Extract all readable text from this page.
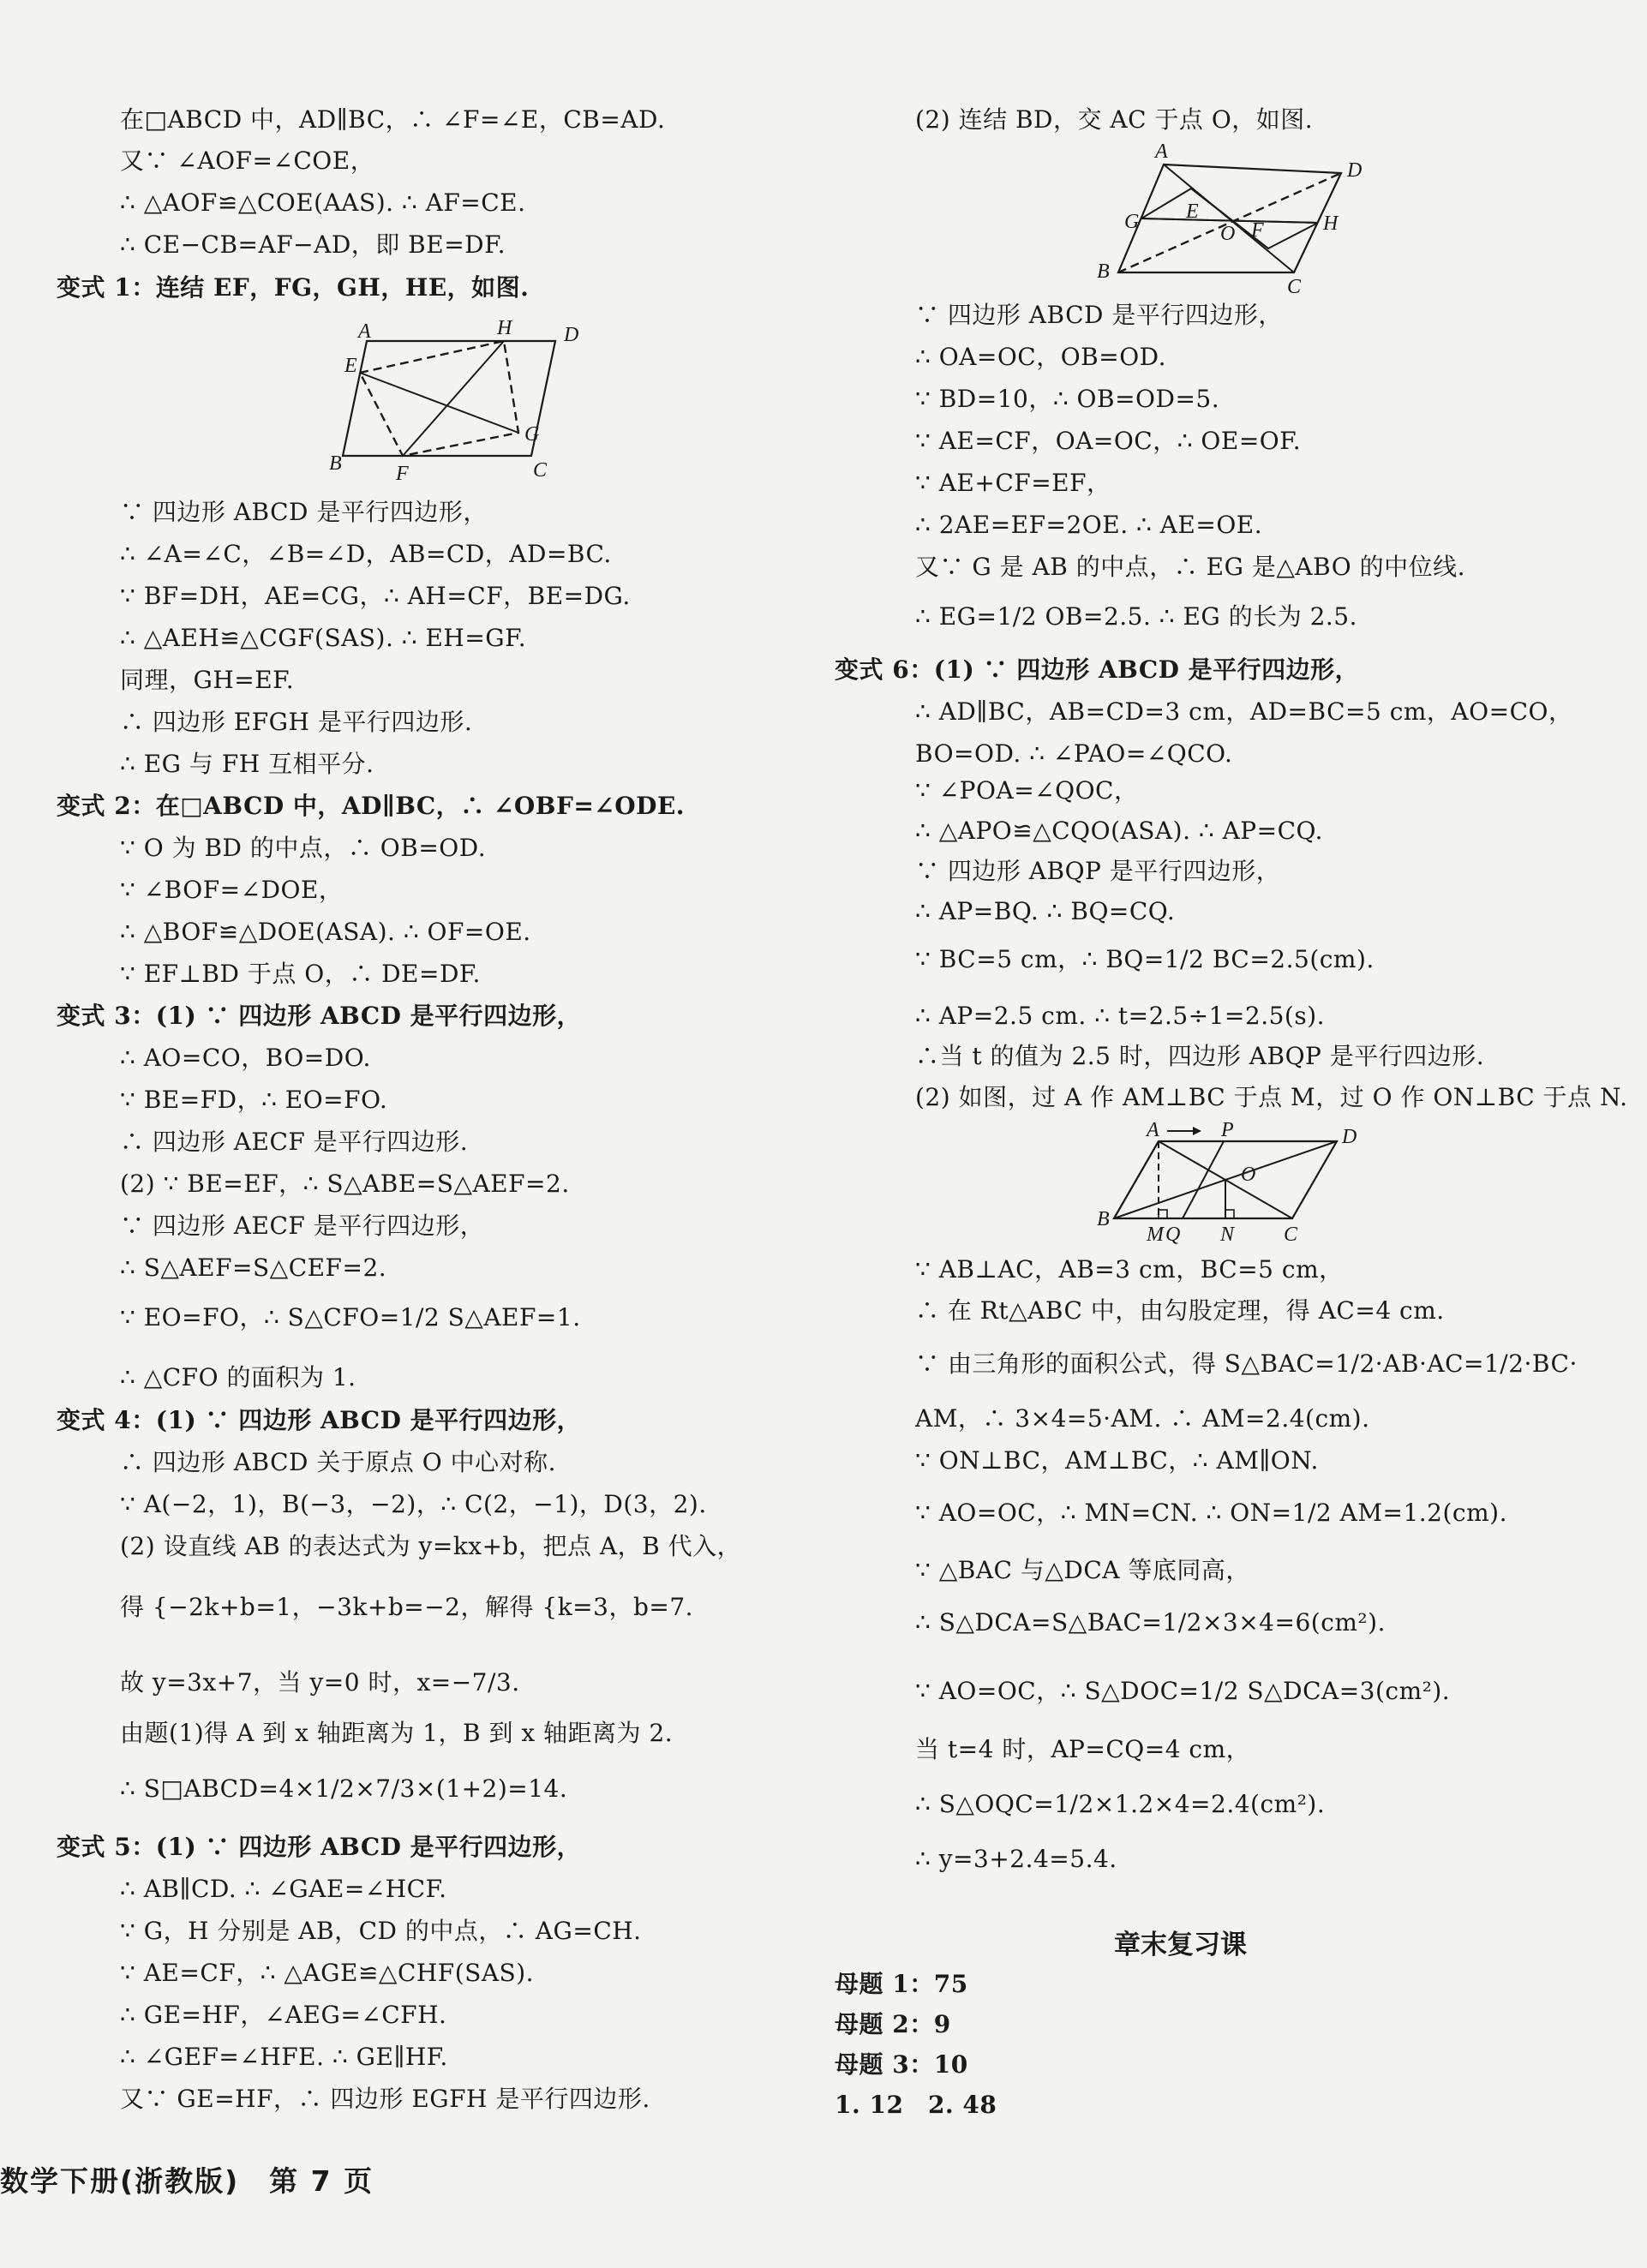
在□ABCD 中，AD∥BC，∴ ∠F=∠E，CB=AD.
又∵ ∠AOF=∠COE，
∴ △AOF≌△COE(AAS). ∴ AF=CE.
∴ CE−CB=AF−AD，即 BE=DF.
变式 1：连结 EF，FG，GH，HE，如图.
A	H	D
E
G
B	F	C
∵ 四边形 ABCD 是平行四边形，
∴ ∠A=∠C，∠B=∠D，AB=CD，AD=BC.
∵ BF=DH，AE=CG，∴ AH=CF，BE=DG.
∴ △AEH≌△CGF(SAS). ∴ EH=GF.
同理，GH=EF.
∴ 四边形 EFGH 是平行四边形.
∴ EG 与 FH 互相平分.
变式 2：在□ABCD 中，AD∥BC，∴ ∠OBF=∠ODE.
∵ O 为 BD 的中点，∴ OB=OD.
∵ ∠BOF=∠DOE，
∴ △BOF≌△DOE(ASA). ∴ OF=OE.
∵ EF⊥BD 于点 O，∴ DE=DF.
变式 3：(1) ∵ 四边形 ABCD 是平行四边形，
∴ AO=CO，BO=DO.
∵ BE=FD，∴ EO=FO.
∴ 四边形 AECF 是平行四边形.
(2) ∵ BE=EF，∴ S△ABE=S△AEF=2.
∵ 四边形 AECF 是平行四边形，
∴ S△AEF=S△CEF=2.
∵ EO=FO，∴ S△CFO=1/2 S△AEF=1.
∴ △CFO 的面积为 1.
变式 4：(1) ∵ 四边形 ABCD 是平行四边形，
∴ 四边形 ABCD 关于原点 O 中心对称.
∵ A(−2，1)，B(−3，−2)，∴ C(2，−1)，D(3，2).
(2) 设直线 AB 的表达式为 y=kx+b，把点 A，B 代入，
得 {−2k+b=1，−3k+b=−2，解得 {k=3，b=7.
故 y=3x+7，当 y=0 时，x=−7/3.
由题(1)得 A 到 x 轴距离为 1，B 到 x 轴距离为 2.
∴ S□ABCD=4×1/2×7/3×(1+2)=14.
变式 5：(1) ∵ 四边形 ABCD 是平行四边形，
∴ AB∥CD. ∴ ∠GAE=∠HCF.
∵ G，H 分别是 AB，CD 的中点，∴ AG=CH.
∵ AE=CF，∴ △AGE≌△CHF(SAS).
∴ GE=HF，∠AEG=∠CFH.
∴ ∠GEF=∠HFE. ∴ GE∥HF.
又∵ GE=HF，∴ 四边形 EGFH 是平行四边形.
数学下册(浙教版)　第 7 页
(2) 连结 BD，交 AC 于点 O，如图.
A
D
G E
O F	H
B
C
∵ 四边形 ABCD 是平行四边形，
∴ OA=OC，OB=OD.
∵ BD=10，∴ OB=OD=5.
∵ AE=CF，OA=OC，∴ OE=OF.
∵ AE+CF=EF，
∴ 2AE=EF=2OE. ∴ AE=OE.
又∵ G 是 AB 的中点，∴ EG 是△ABO 的中位线.
∴ EG=1/2 OB=2.5. ∴ EG 的长为 2.5.
变式 6：(1) ∵ 四边形 ABCD 是平行四边形，
∴ AD∥BC，AB=CD=3 cm，AD=BC=5 cm，AO=CO，
BO=OD. ∴ ∠PAO=∠QCO.
∵ ∠POA=∠QOC，
∴ △APO≌△CQO(ASA). ∴ AP=CQ.
∵ 四边形 ABQP 是平行四边形，
∴ AP=BQ. ∴ BQ=CQ.
∵ BC=5 cm，∴ BQ=1/2 BC=2.5(cm).
∴ AP=2.5 cm. ∴ t=2.5÷1=2.5(s).
∴当 t 的值为 2.5 时，四边形 ABQP 是平行四边形.
(2) 如图，过 A 作 AM⊥BC 于点 M，过 O 作 ON⊥BC 于点 N.
A	P	D
O
B
M Q N C
∵ AB⊥AC，AB=3 cm，BC=5 cm，
∴ 在 Rt△ABC 中，由勾股定理，得 AC=4 cm.
∵ 由三角形的面积公式，得 S△BAC=1/2·AB·AC=1/2·BC·
AM，∴ 3×4=5·AM. ∴ AM=2.4(cm).
∵ ON⊥BC，AM⊥BC，∴ AM∥ON.
∵ AO=OC，∴ MN=CN. ∴ ON=1/2 AM=1.2(cm).
∵ △BAC 与△DCA 等底同高，
∴ S△DCA=S△BAC=1/2×3×4=6(cm²).
∵ AO=OC，∴ S△DOC=1/2 S△DCA=3(cm²).
当 t=4 时，AP=CQ=4 cm，
∴ S△OQC=1/2×1.2×4=2.4(cm²).
∴ y=3+2.4=5.4.
章末复习课
母题 1：75
母题 2：9
母题 3：10
1. 12　2. 48
